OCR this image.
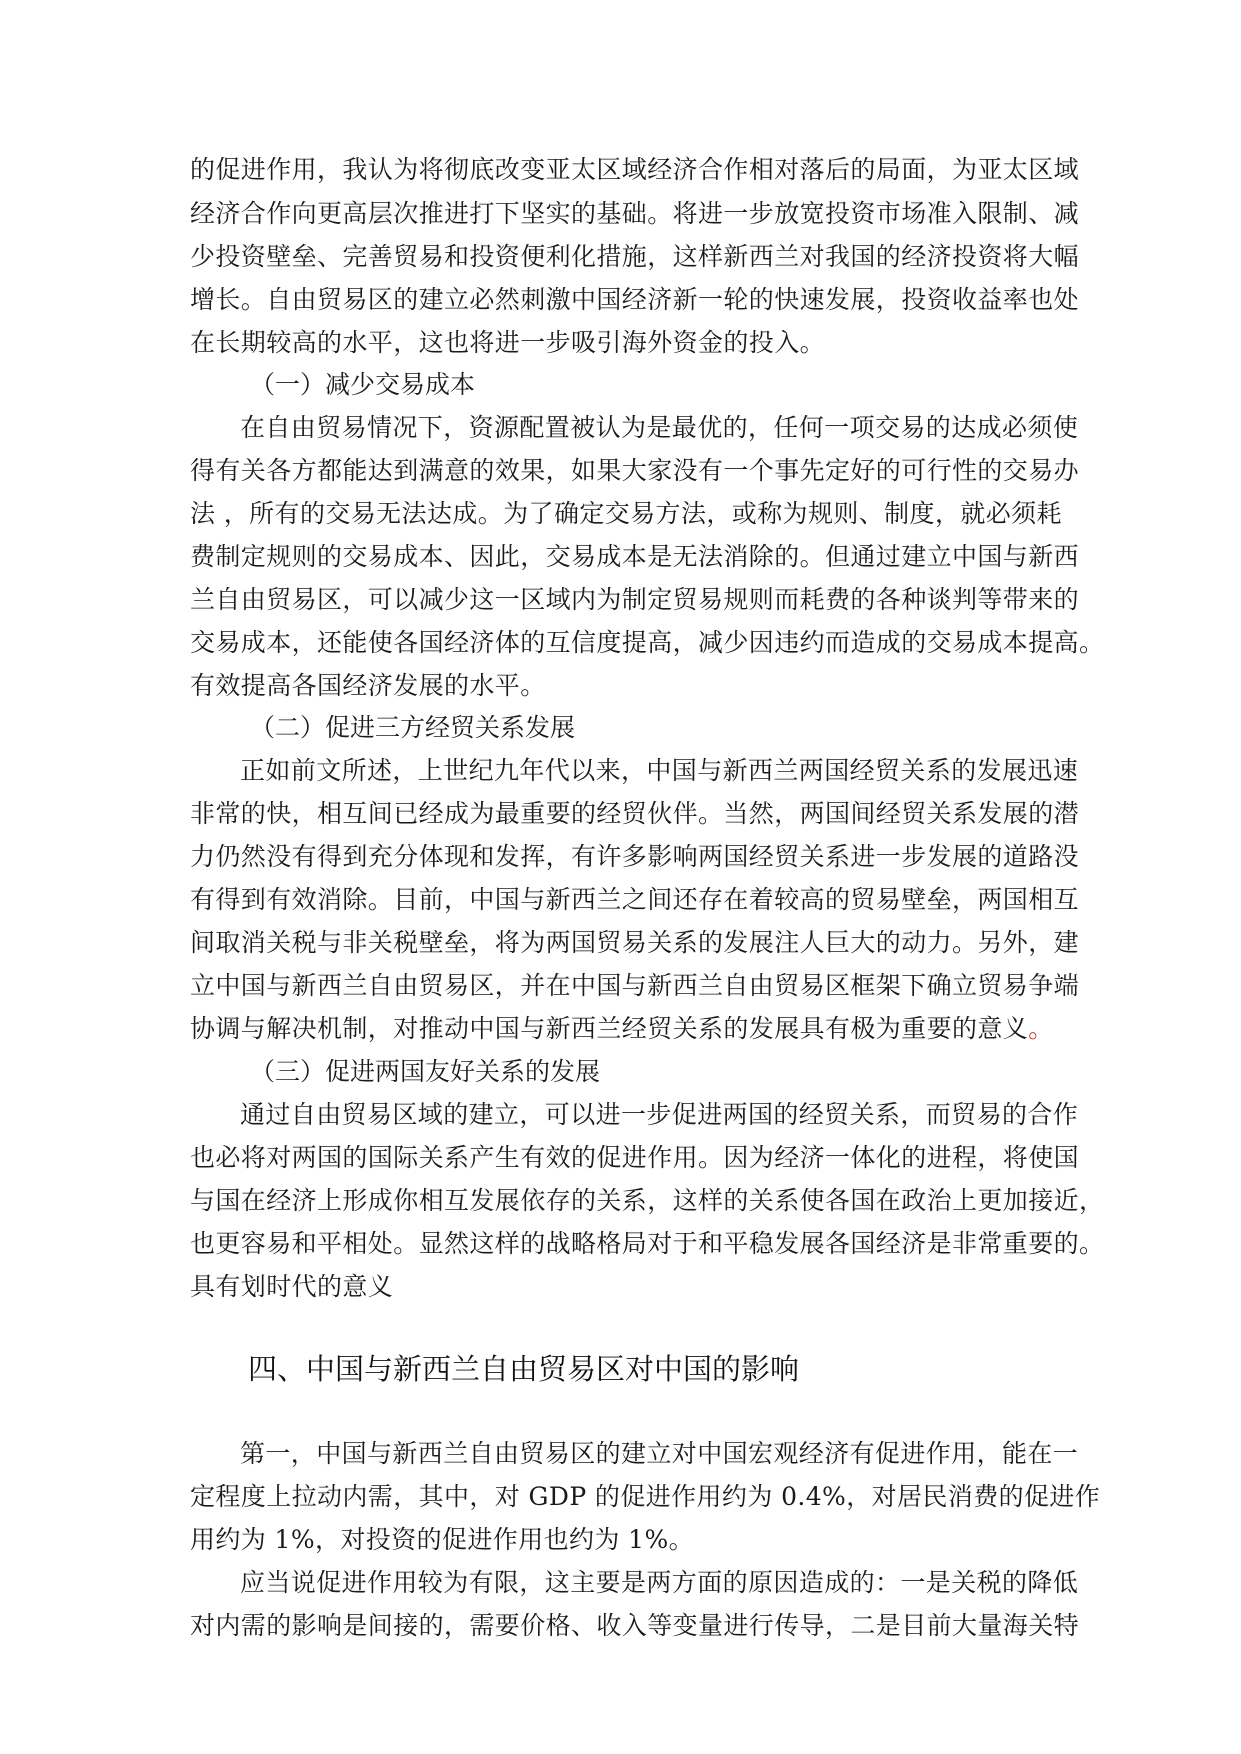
的促进作用，我认为将彻底改变亚太区域经济合作相对落后的局面，为亚太区域
经济合作向更高层次推进打下坚实的基础。将进一步放宽投资市场准入限制、减
少投资壁垒、完善贸易和投资便利化措施，这样新西兰对我国的经济投资将大幅
增长。自由贸易区的建立必然刺激中国经济新一轮的快速发展，投资收益率也处
在长期较高的水平，这也将进一步吸引海外资金的投入。
（一）减少交易成本
在自由贸易情况下，资源配置被认为是最优的，任何一项交易的达成必须使
得有关各方都能达到满意的效果，如果大家没有一个事先定好的可行性的交易办
法 ，所有的交易无法达成。为了确定交易方法，或称为规则、制度，就必须耗
费制定规则的交易成本、因此，交易成本是无法消除的。但通过建立中国与新西
兰自由贸易区，可以减少这一区域内为制定贸易规则而耗费的各种谈判等带来的
交易成本，还能使各国经济体的互信度提高，减少因违约而造成的交易成本提高。
有效提高各国经济发展的水平。
（二）促进三方经贸关系发展
正如前文所述，上世纪九年代以来，中国与新西兰两国经贸关系的发展迅速
非常的快，相互间已经成为最重要的经贸伙伴。当然，两国间经贸关系发展的潜
力仍然没有得到充分体现和发挥，有许多影响两国经贸关系进一步发展的道路没
有得到有效消除。目前，中国与新西兰之间还存在着较高的贸易壁垒，两国相互
间取消关税与非关税壁垒，将为两国贸易关系的发展注人巨大的动力。另外，建
立中国与新西兰自由贸易区，并在中国与新西兰自由贸易区框架下确立贸易争端
协调与解决机制，对推动中国与新西兰经贸关系的发展具有极为重要的意义。
（三）促进两国友好关系的发展
通过自由贸易区域的建立，可以进一步促进两国的经贸关系，而贸易的合作
也必将对两国的国际关系产生有效的促进作用。因为经济一体化的进程，将使国
与国在经济上形成你相互发展依存的关系，这样的关系使各国在政治上更加接近，
也更容易和平相处。显然这样的战略格局对于和平稳发展各国经济是非常重要的。
具有划时代的意义
四、中国与新西兰自由贸易区对中国的影响
第一，中国与新西兰自由贸易区的建立对中国宏观经济有促进作用，能在一
定程度上拉动内需，其中，对 GDP 的促进作用约为 0.4%，对居民消费的促进作
用约为 1%，对投资的促进作用也约为 1%。
应当说促进作用较为有限，这主要是两方面的原因造成的：一是关税的降低
对内需的影响是间接的，需要价格、收入等变量进行传导，二是目前大量海关特
